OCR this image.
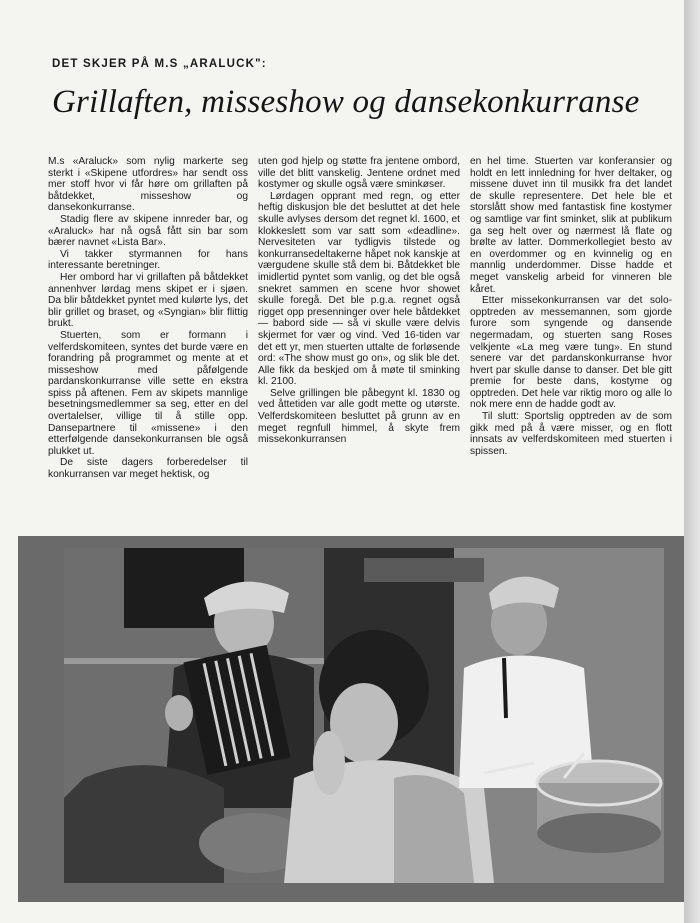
DET SKJER PÅ M.S „ARALUCK":
Grillaften, misseshow og dansekonkurranse

M.s «Araluck» som nylig markerte seg sterkt i «Skipene utfordres» har sendt oss mer stoff hvor vi får høre om grillaften på båtdekket, misseshow og dansekonkurranse.

Stadig flere av skipene innreder bar, og «Araluck» har nå også fått sin bar som bærer navnet «Lista Bar».

Vi takker styrmannen for hans interessante beretninger.

Her ombord har vi grillaften på båtdekket annenhver lørdag mens skipet er i sjøen. Da blir båtdekket pyntet med kulørte lys, det blir grillet og braset, og «Syngian» blir flittig brukt.

Stuerten, som er formann i velferdskomiteen, syntes det burde være en forandring på programmet og mente at et misseshow med påfølgende pardanskonkurranse ville sette en ekstra spiss på aftenen. Fem av skipets mannlige besetningsmedlemmer sa seg, etter en del overtalelser, villige til å stille opp. Dansepartnere til «missene» i den etterfølgende dansekonkurransen ble også plukket ut.

De siste dagers forberedelser til konkurransen var meget hektisk, og

uten god hjelp og støtte fra jentene ombord, ville det blitt vanskelig. Jentene ordnet med kostymer og skulle også være sminkøser.

Lørdagen opprant med regn, og etter heftig diskusjon ble det besluttet at det hele skulle avlyses dersom det regnet kl. 1600, et klokkeslett som var satt som «deadline». Nervesiteten var tydligvis tilstede og konkurransedeltakerne håpet nok kanskje at værgudene skulle stå dem bi. Båtdekket ble imidlertid pyntet som vanlig, og det ble også snekret sammen en scene hvor showet skulle foregå. Det ble p.g.a. regnet også rigget opp presenninger over hele båtdekket — babord side — så vi skulle være delvis skjermet for vær og vind. Ved 16-tiden var det ett yr, men stuerten uttalte de forløsende ord: «The show must go on», og slik ble det. Alle fikk da beskjed om å møte til sminking kl. 2100.

Selve grillingen ble påbegynt kl. 1830 og ved åttetiden var alle godt mette og utørste. Velferdskomiteen besluttet på grunn av en meget regnfull himmel, å skyte frem missekonkurransen

en hel time. Stuerten var konferansier og holdt en lett innledning for hver deltaker, og missene duvet inn til musikk fra det landet de skulle representere. Det hele ble et storslått show med fantastisk fine kostymer og samtlige var fint sminket, slik at publikum ga seg helt over og nærmest lå flate og brølte av latter. Dommerkollegiet besto av en overdommer og en kvinnelig og en mannlig underdommer. Disse hadde et meget vanskelig arbeid for vinneren ble kåret.

Etter missekonkurransen var det solo-opptreden av messemannen, som gjorde furore som syngende og dansende negermadam, og stuerten sang Roses velkjente «La meg være tung». En stund senere var det pardanskonkurranse hvor hvert par skulle danse to danser. Det ble gitt premie for beste dans, kostyme og opptreden. Det hele var riktig moro og alle lo nok mere enn de hadde godt av.

Til slutt: Sportslig opptreden av de som gikk med på å være misser, og en flott innsats av velferdskomiteen med stuerten i spissen.
